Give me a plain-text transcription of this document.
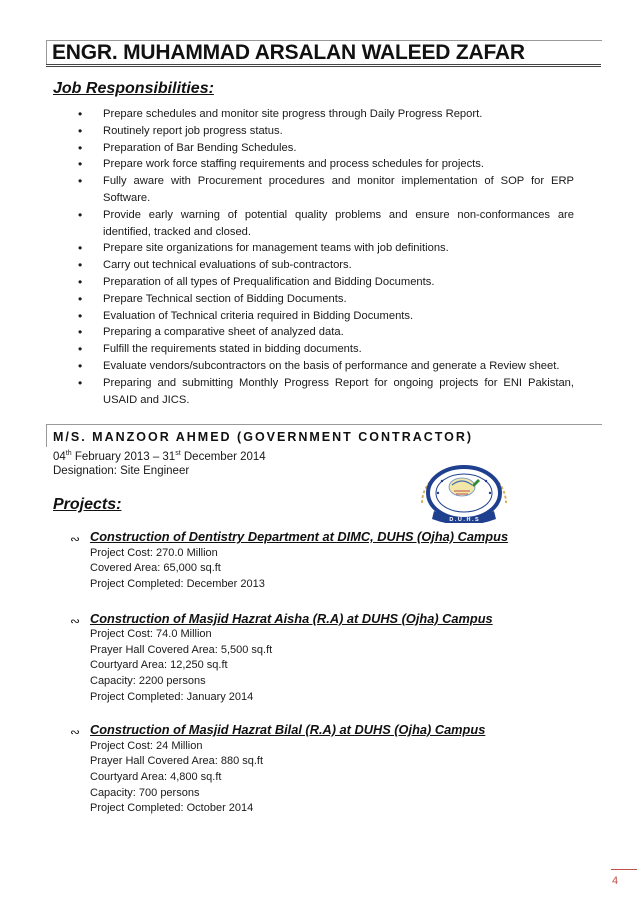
ENGR. MUHAMMAD ARSALAN WALEED ZAFAR
Job Responsibilities:
• Prepare schedules and monitor site progress through Daily Progress Report.
• Routinely report job progress status.
• Preparation of Bar Bending Schedules.
• Prepare work force staffing requirements and process schedules for projects.
• Fully aware with Procurement procedures and monitor implementation of SOP for ERP Software.
• Provide early warning of potential quality problems and ensure non-conformances are identified, tracked and closed.
• Prepare site organizations for management teams with job definitions.
• Carry out technical evaluations of sub-contractors.
• Preparation of all types of Prequalification and Bidding Documents.
• Prepare Technical section of Bidding Documents.
• Evaluation of Technical criteria required in Bidding Documents.
• Preparing a comparative sheet of analyzed data.
• Fulfill the requirements stated in bidding documents.
• Evaluate vendors/subcontractors on the basis of performance and generate a Review sheet.
• Preparing and submitting Monthly Progress Report for ongoing projects for ENI Pakistan, USAID and JICS.
M/S. MANZOOR AHMED (GOVERNMENT CONTRACTOR)
04th February 2013 – 31st December 2014
Designation: Site Engineer
Projects:
D . U . H . S
∾ Construction of Dentistry Department at DIMC, DUHS (Ojha) Campus
Project Cost: 270.0 Million
Covered Area: 65,000 sq.ft
Project Completed: December 2013
∾ Construction of Masjid Hazrat Aisha (R.A) at DUHS (Ojha) Campus
Project Cost: 74.0 Million
Prayer Hall Covered Area: 5,500 sq.ft
Courtyard Area: 12,250 sq.ft
Capacity: 2200 persons
Project Completed: January 2014
∾ Construction of Masjid Hazrat Bilal (R.A) at DUHS (Ojha) Campus
Project Cost: 24 Million
Prayer Hall Covered Area: 880 sq.ft
Courtyard Area: 4,800 sq.ft
Capacity: 700 persons
Project Completed: October 2014
4
